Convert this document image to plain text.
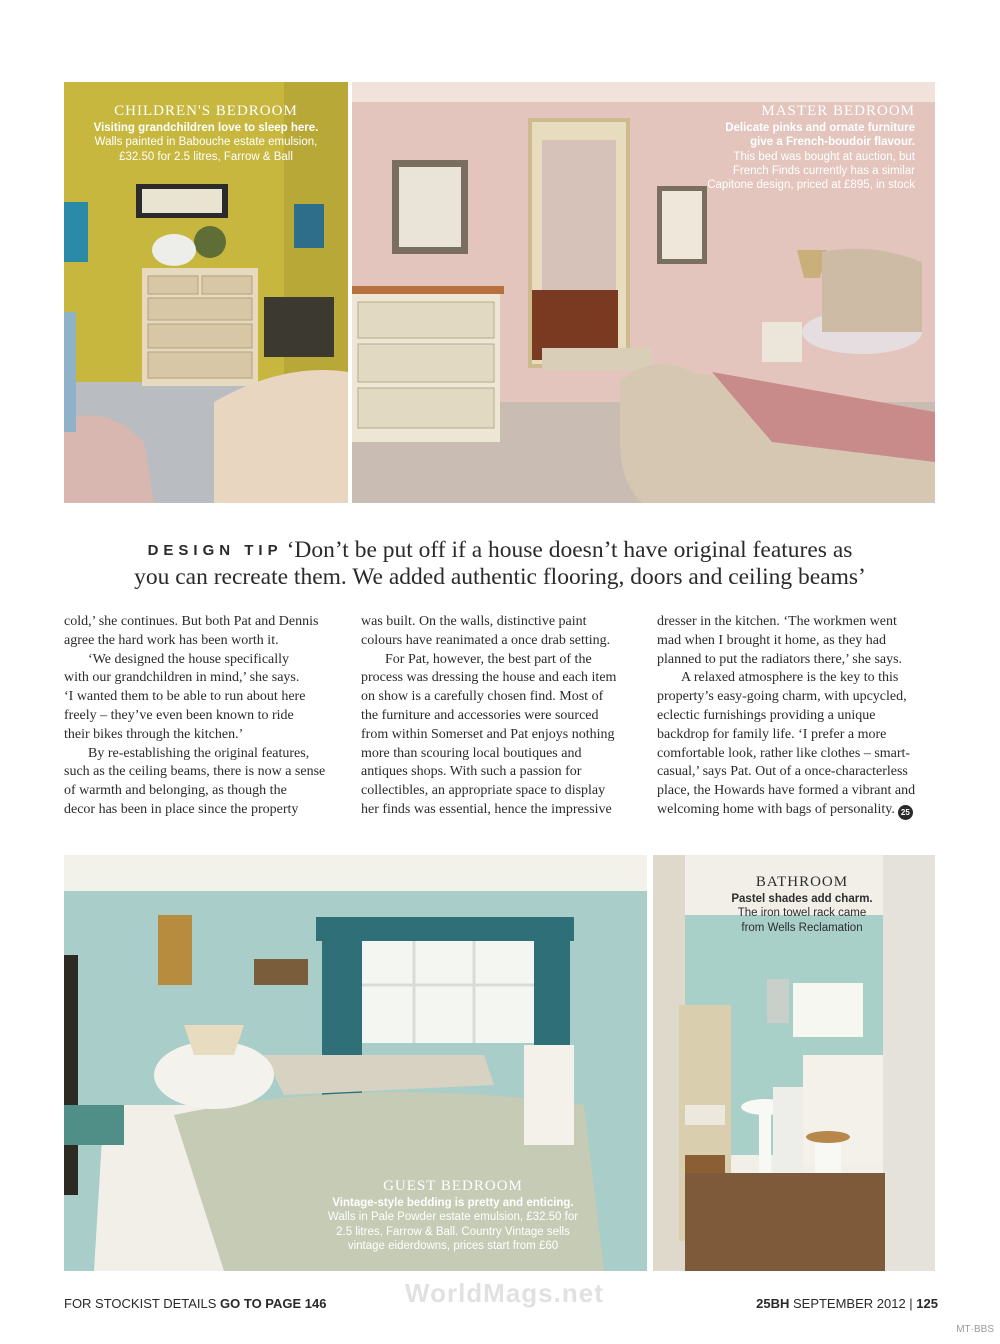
CHILDREN'S BEDROOM
Visiting grandchildren love to sleep here.
Walls painted in Babouche estate emulsion,
£32.50 for 2.5 litres, Farrow & Ball
MASTER BEDROOM
Delicate pinks and ornate furniture
give a French-boudoir flavour.
This bed was bought at auction, but
French Finds currently has a similar
Capitone design, priced at £895, in stock
DESIGN TIP ‘Don’t be put off if a house doesn’t have original features as
you can recreate them. We added authentic flooring, doors and ceiling beams’

cold,’ she continues. But both Pat and Dennis

agree the hard work has been worth it.

‘We designed the house specifically

with our grandchildren in mind,’ she says.

‘I wanted them to be able to run about here

freely – they’ve even been known to ride

their bikes through the kitchen.’

By re-establishing the original features,

such as the ceiling beams, there is now a sense

of warmth and belonging, as though the

decor has been in place since the property

was built. On the walls, distinctive paint

colours have reanimated a once drab setting.

For Pat, however, the best part of the

process was dressing the house and each item

on show is a carefully chosen find. Most of

the furniture and accessories were sourced

from within Somerset and Pat enjoys nothing

more than scouring local boutiques and

antiques shops. With such a passion for

collectibles, an appropriate space to display

her finds was essential, hence the impressive

dresser in the kitchen. ‘The workmen went

mad when I brought it home, as they had

planned to put the radiators there,’ she says.

A relaxed atmosphere is the key to this

property’s easy-going charm, with upcycled,

eclectic furnishings providing a unique

backdrop for family life. ‘I prefer a more

comfortable look, rather like clothes – smart-

casual,’ says Pat. Out of a once-characterless

place, the Howards have formed a vibrant and

welcoming home with bags of personality. 25

GUEST BEDROOM
Vintage-style bedding is pretty and enticing.
Walls in Pale Powder estate emulsion, £32.50 for
2.5 litres, Farrow & Ball. Country Vintage sells
vintage eiderdowns, prices start from £60
BATHROOM
Pastel shades add charm.
The iron towel rack came
from Wells Reclamation
FOR STOCKIST DETAILS GO TO PAGE 146	WorldMags.net	25BH SEPTEMBER 2012 | 125
MT·BBS
